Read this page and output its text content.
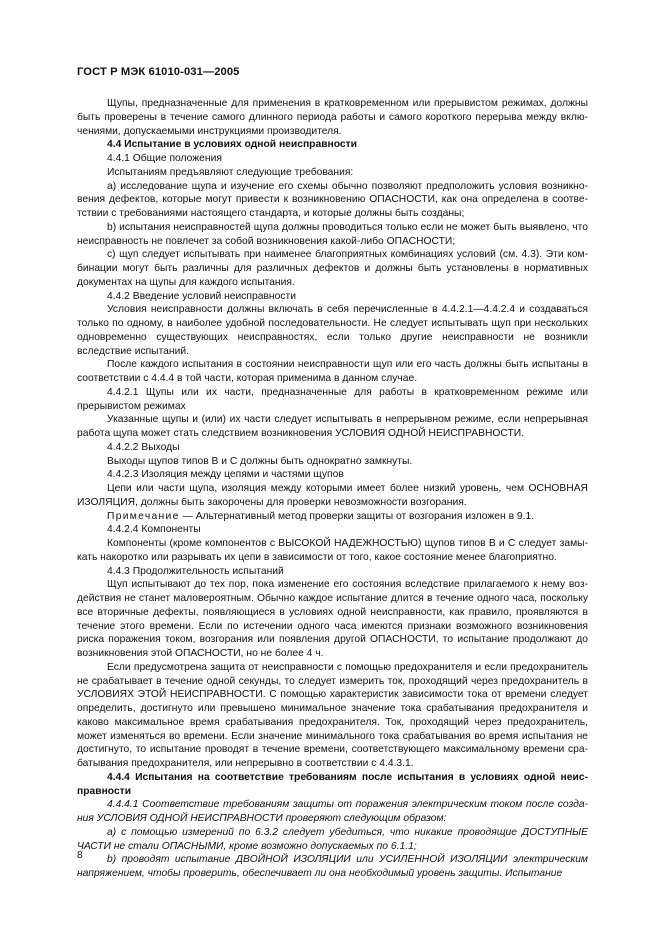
ГОСТ Р МЭК 61010-031—2005

Щупы, предназначенные для применения в кратковременном или прерывистом режимах, должны быть проверены в течение самого длинного периода работы и самого короткого перерыва между включениями, допускаемыми инструкциями производителя.

4.4 Испытание в условиях одной неисправности

4.4.1 Общие положения

Испытаниям предъявляют следующие требования:

a) исследование щупа и изучение его схемы обычно позволяют предположить условия возникновения дефектов, которые могут привести к возникновению ОПАСНОСТИ, как она определена в соответствии с требованиями настоящего стандарта, и которые должны быть созданы;

b) испытания неисправностей щупа должны проводиться только если не может быть выявлено, что неисправность не повлечет за собой возникновения какой-либо ОПАСНОСТИ;

c) щуп следует испытывать при наименее благоприятных комбинациях условий (см. 4.3). Эти комбинации могут быть различны для различных дефектов и должны быть установлены в нормативных документах на щупы для каждого испытания.

4.4.2 Введение условий неисправности

Условия неисправности должны включать в себя перечисленные в 4.4.2.1—4.4.2.4 и создаваться только по одному, в наиболее удобной последовательности. Не следует испытывать щуп при нескольких одновременно существующих неисправностях, если только другие неисправности не возникли вследствие испытаний.

После каждого испытания в состоянии неисправности щуп или его часть должны быть испытаны в соответствии с 4.4.4 в той части, которая применима в данном случае.

4.4.2.1 Щупы или их части, предназначенные для работы в кратковременном режиме или прерывистом режимах

Указанные щупы и (или) их части следует испытывать в непрерывном режиме, если непрерывная работа щупа может стать следствием возникновения УСЛОВИЯ ОДНОЙ НЕИСПРАВНОСТИ.

4.4.2.2 Выходы

Выходы щупов типов В и С должны быть однократно замкнуты.

4.4.2.3 Изоляция между цепями и частями щупов

Цепи или части щупа, изоляция между которыми имеет более низкий уровень, чем ОСНОВНАЯ ИЗОЛЯЦИЯ, должны быть закорочены для проверки невозможности возгорания.

Примечание — Альтернативный метод проверки защиты от возгорания изложен в 9.1.

4.4.2.4 Компоненты

Компоненты (кроме компонентов с ВЫСОКОЙ НАДЕЖНОСТЬЮ) щупов типов В и С следует замыкать накоротко или разрывать их цепи в зависимости от того, какое состояние менее благоприятно.

4.4.3 Продолжительность испытаний

Щуп испытывают до тех пор, пока изменение его состояния вследствие прилагаемого к нему воздействия не станет маловероятным. Обычно каждое испытание длится в течение одного часа, поскольку все вторичные дефекты, появляющиеся в условиях одной неисправности, как правило, проявляются в течение этого времени. Если по истечении одного часа имеются признаки возможного возникновения риска поражения током, возгорания или появления другой ОПАСНОСТИ, то испытание продолжают до возникновения этой ОПАСНОСТИ, но не более 4 ч.

Если предусмотрена защита от неисправности с помощью предохранителя и если предохранитель не срабатывает в течение одной секунды, то следует измерить ток, проходящий через предохранитель в УСЛОВИЯХ ЭТОЙ НЕИСПРАВНОСТИ. С помощью характеристик зависимости тока от времени следует определить, достигнуто или превышено минимальное значение тока срабатывания предохранителя и каково максимальное время срабатывания предохранителя. Ток, проходящий через предохранитель, может изменяться во времени. Если значение минимального тока срабатывания во время испытания не достигнуто, то испытание проводят в течение времени, соответствующего максимальному времени срабатывания предохранителя, или непрерывно в соответствии с 4.4.3.1.

4.4.4 Испытания на соответствие требованиям после испытания в условиях одной неисправности

4.4.4.1 Соответствие требованиям защиты от поражения электрическим током после создания УСЛОВИЯ ОДНОЙ НЕИСПРАВНОСТИ проверяют следующим образом:

a) с помощью измерений по 6.3.2 следует убедиться, что никакие проводящие ДОСТУПНЫЕ ЧАСТИ не стали ОПАСНЫМИ, кроме возможно допускаемых по 6.1.1;

b) проводят испытание ДВОЙНОЙ ИЗОЛЯЦИИ или УСИЛЕННОЙ ИЗОЛЯЦИИ электрическим напряжением, чтобы проверить, обеспечивает ли она необходимый уровень защиты. Испытание

8
